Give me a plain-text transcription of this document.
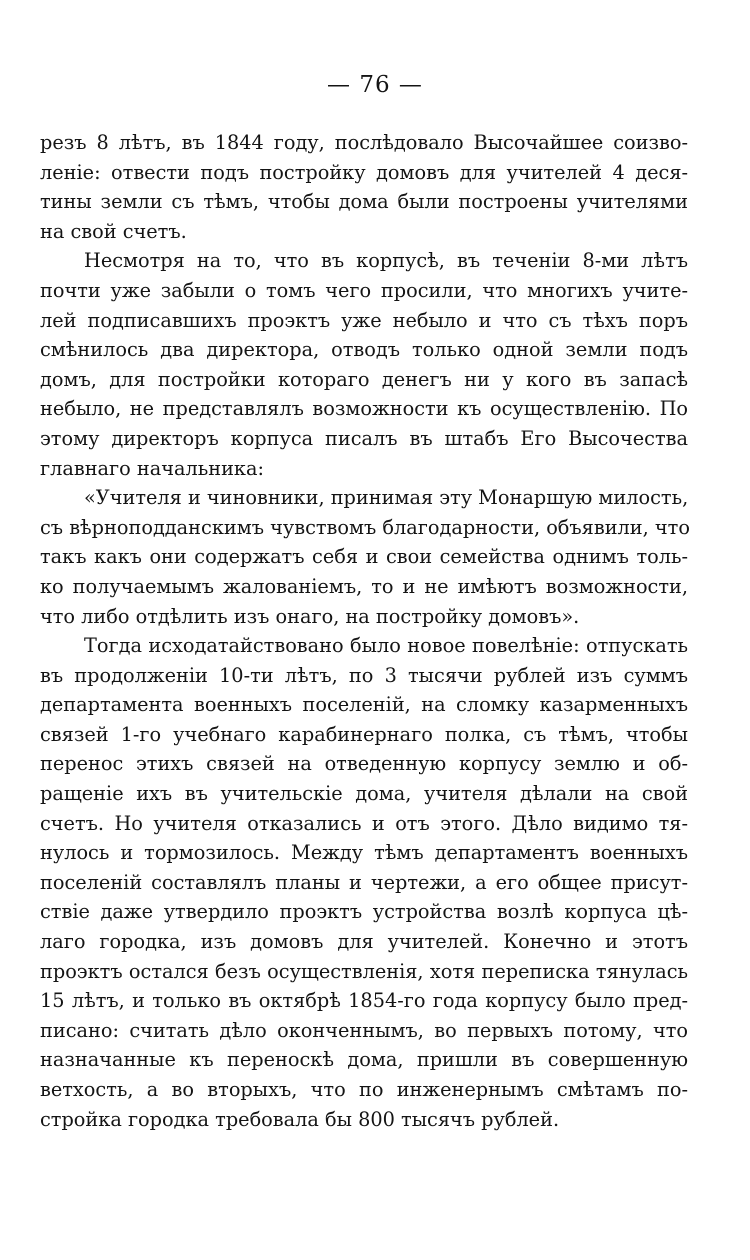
— 76 —

резъ 8 лѣтъ, въ 1844 году, послѣдовало Высочайшее соизво-
леніе: отвести подъ постройку домовъ для учителей 4 деся-
тины земли съ тѣмъ, чтобы дома были построены учителями
на свой счетъ.

Несмотря на то, что въ корпусѣ, въ теченіи 8-ми лѣтъ
почти уже забыли о томъ чего просили, что многихъ учите-
лей подписавшихъ проэктъ уже небыло и что съ тѣхъ поръ
смѣнилось два директора, отводъ только одной земли подъ
домъ, для постройки котораго денегъ ни у кого въ запасѣ
небыло, не представлялъ возможности къ осуществленію. По
этому директоръ корпуса писалъ въ штабъ Его Высочества
главнаго начальника:

«Учителя и чиновники, принимая эту Монаршую милость,
съ вѣрноподданскимъ чувствомъ благодарности, объявили, что
такъ какъ они содержатъ себя и свои семейства однимъ толь-
ко получаемымъ жалованіемъ, то и не имѣютъ возможности,
что либо отдѣлить изъ онаго, на постройку домовъ».

Тогда исходатайствовано было новое повелѣніе: отпускать
въ продолженіи 10-ти лѣтъ, по 3 тысячи рублей изъ суммъ
департамента военныхъ поселеній, на сломку казарменныхъ
связей 1-го учебнаго карабинернаго полка, съ тѣмъ, чтобы
перенос этихъ связей на отведенную корпусу землю и об-
ращеніе ихъ въ учительскіе дома, учителя дѣлали на свой
счетъ. Но учителя отказались и отъ этого. Дѣло видимо тя-
нулось и тормозилось. Между тѣмъ департаментъ военныхъ
поселеній составлялъ планы и чертежи, а его общее присут-
ствіе даже утвердило проэктъ устройства возлѣ корпуса цѣ-
лаго городка, изъ домовъ для учителей. Конечно и этотъ
проэктъ остался безъ осуществленія, хотя переписка тянулась
15 лѣтъ, и только въ октябрѣ 1854-го года корпусу было пред-
писано: считать дѣло оконченнымъ, во первыхъ потому, что
назначанные къ переноскѣ дома, пришли въ совершенную
ветхость, а во вторыхъ, что по инженернымъ смѣтамъ по-
стройка городка требовала бы 800 тысячъ рублей.
